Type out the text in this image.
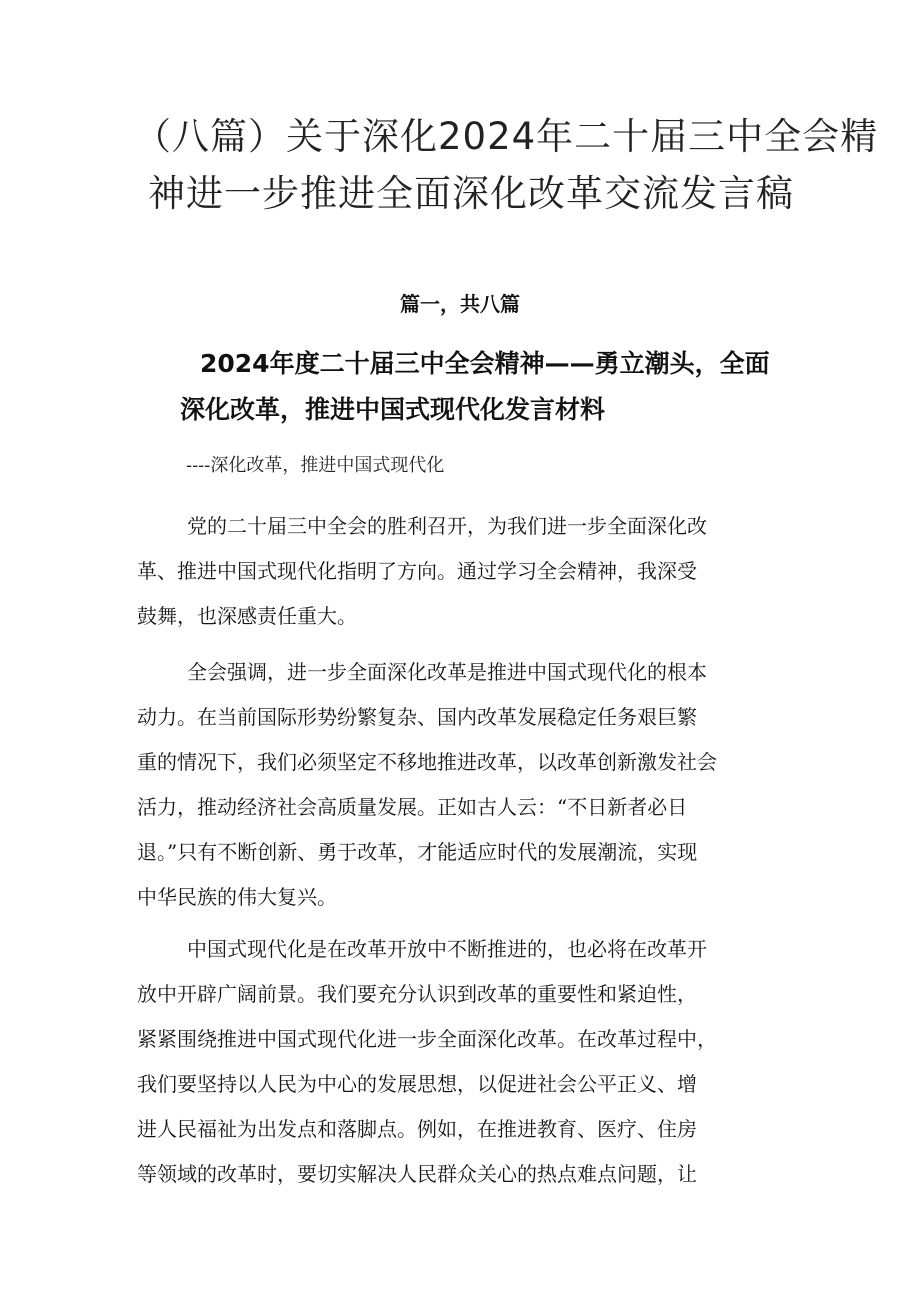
（八篇）关于深化2024年二十届三中全会精
神进一步推进全面深化改革交流发言稿
篇一，共八篇
2024年度二十届三中全会精神——勇立潮头，全面
深化改革，推进中国式现代化发言材料
----深化改革，推进中国式现代化
党的二十届三中全会的胜利召开，为我们进一步全面深化改
革、推进中国式现代化指明了方向。通过学习全会精神，我深受
鼓舞，也深感责任重大。
全会强调，进一步全面深化改革是推进中国式现代化的根本
动力。在当前国际形势纷繁复杂、国内改革发展稳定任务艰巨繁
重的情况下，我们必须坚定不移地推进改革，以改革创新激发社会
活力，推动经济社会高质量发展。正如古人云：“不日新者必日
退。”只有不断创新、勇于改革，才能适应时代的发展潮流，实现
中华民族的伟大复兴。
中国式现代化是在改革开放中不断推进的，也必将在改革开
放中开辟广阔前景。我们要充分认识到改革的重要性和紧迫性，
紧紧围绕推进中国式现代化进一步全面深化改革。在改革过程中，
我们要坚持以人民为中心的发展思想，以促进社会公平正义、增
进人民福祉为出发点和落脚点。例如，在推进教育、医疗、住房
等领域的改革时，要切实解决人民群众关心的热点难点问题，让
